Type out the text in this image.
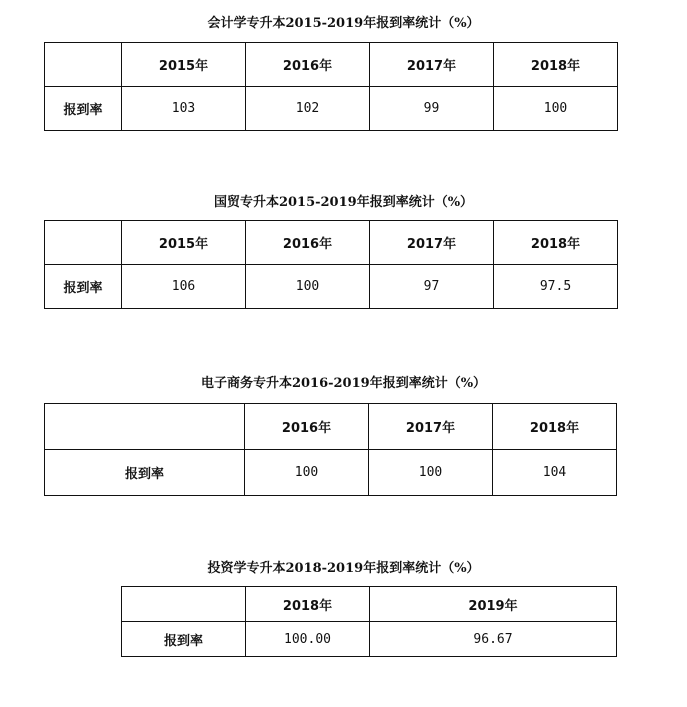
会计学专升本2015-2019年报到率统计（%）
	2015年	2016年	2017年	2018年
报到率	103	102	99	100
国贸专升本2015-2019年报到率统计（%）
	2015年	2016年	2017年	2018年
报到率	106	100	97	97.5
电子商务专升本2016-2019年报到率统计（%）
	2016年	2017年	2018年
报到率	100	100	104
投资学专升本2018-2019年报到率统计（%）
	2018年	2019年
报到率	100.00	96.67
